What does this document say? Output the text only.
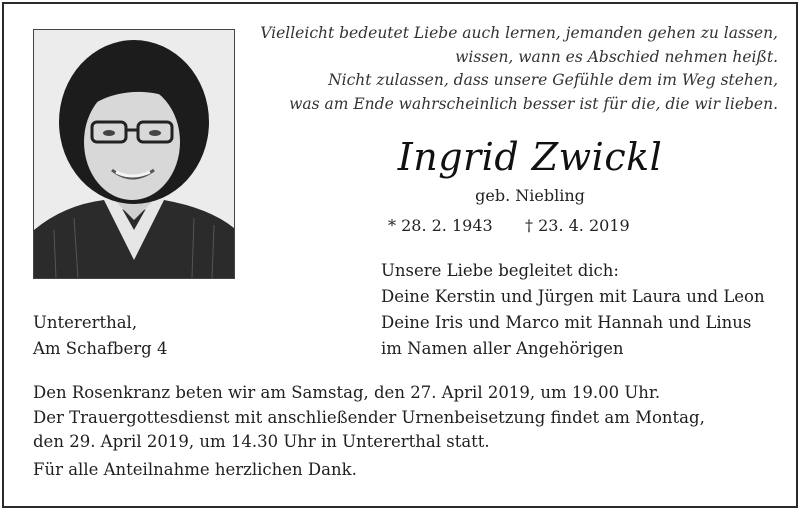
Vielleicht bedeutet Liebe auch lernen, jemanden gehen zu lassen,
wissen, wann es Abschied nehmen heißt.
Nicht zulassen, dass unsere Gefühle dem im Weg stehen,
was am Ende wahrscheinlich besser ist für die, die wir lieben.
Ingrid Zwickl
geb. Niebling
* 28. 2. 1943 † 23. 4. 2019
Unsere Liebe begleitet dich:
Deine Kerstin und Jürgen mit Laura und Leon
Deine Iris und Marco mit Hannah und Linus
im Namen aller Angehörigen
Untererthal,
Am Schafberg 4
Den Rosenkranz beten wir am Samstag, den 27. April 2019, um 19.00 Uhr.
Der Trauergottesdienst mit anschließender Urnenbeisetzung findet am Montag,
den 29. April 2019, um 14.30 Uhr in Untererthal statt.
Für alle Anteilnahme herzlichen Dank.
